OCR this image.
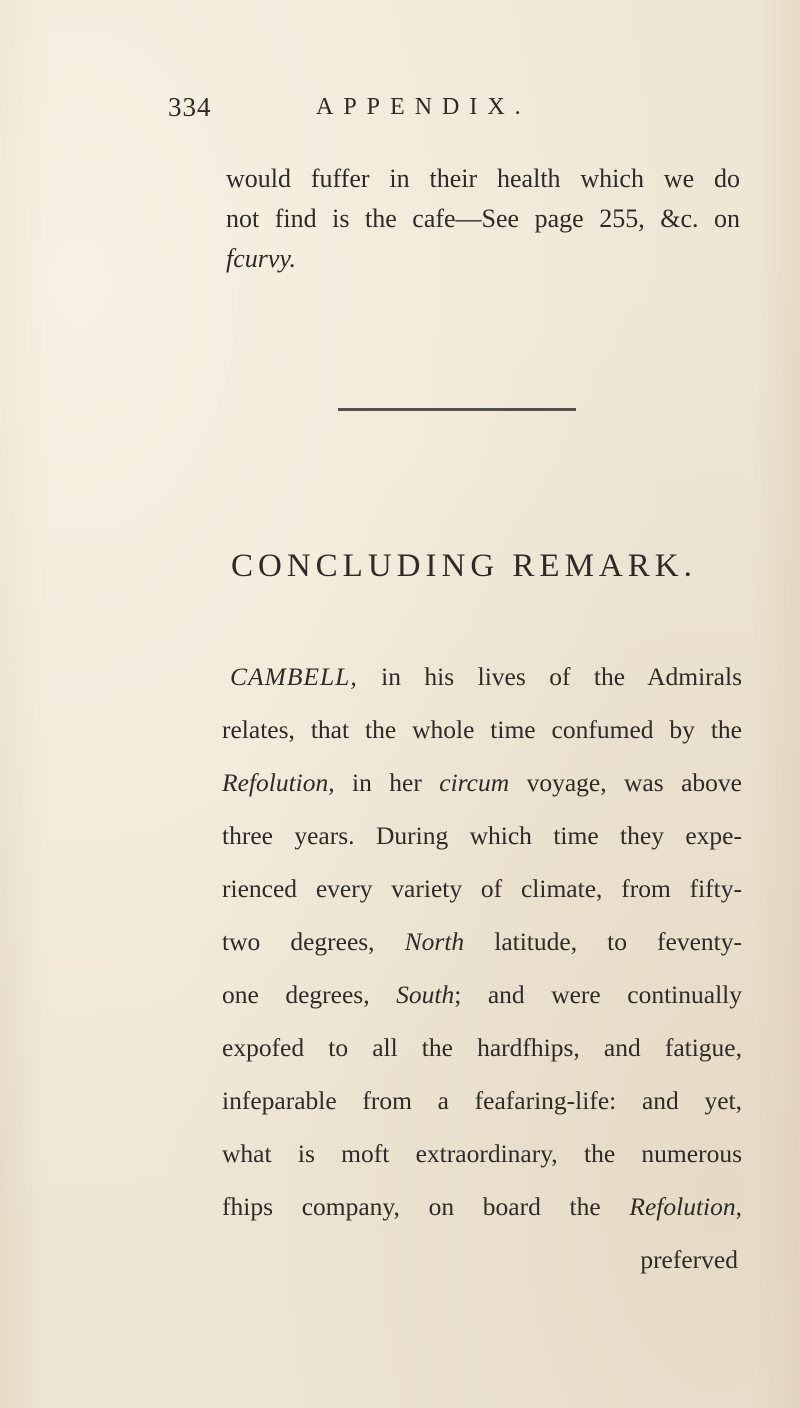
334	APPENDIX.
would fuffer in their health which we do
not find is the cafe—See page 255, &c. on
fcurvy.
CONCLUDING REMARK.
CAMBELL, in his lives of the Admirals
relates, that the whole time confumed by the
Refolution, in her circum voyage, was above
three years. During which time they expe-
rienced every variety of climate, from fifty-
two degrees, North latitude, to feventy-
one degrees, South; and were continually
expofed to all the hardfhips, and fatigue,
infeparable from a feafaring-life: and yet,
what is moft extraordinary, the numerous
fhips company, on board the Refolution,
preferved
